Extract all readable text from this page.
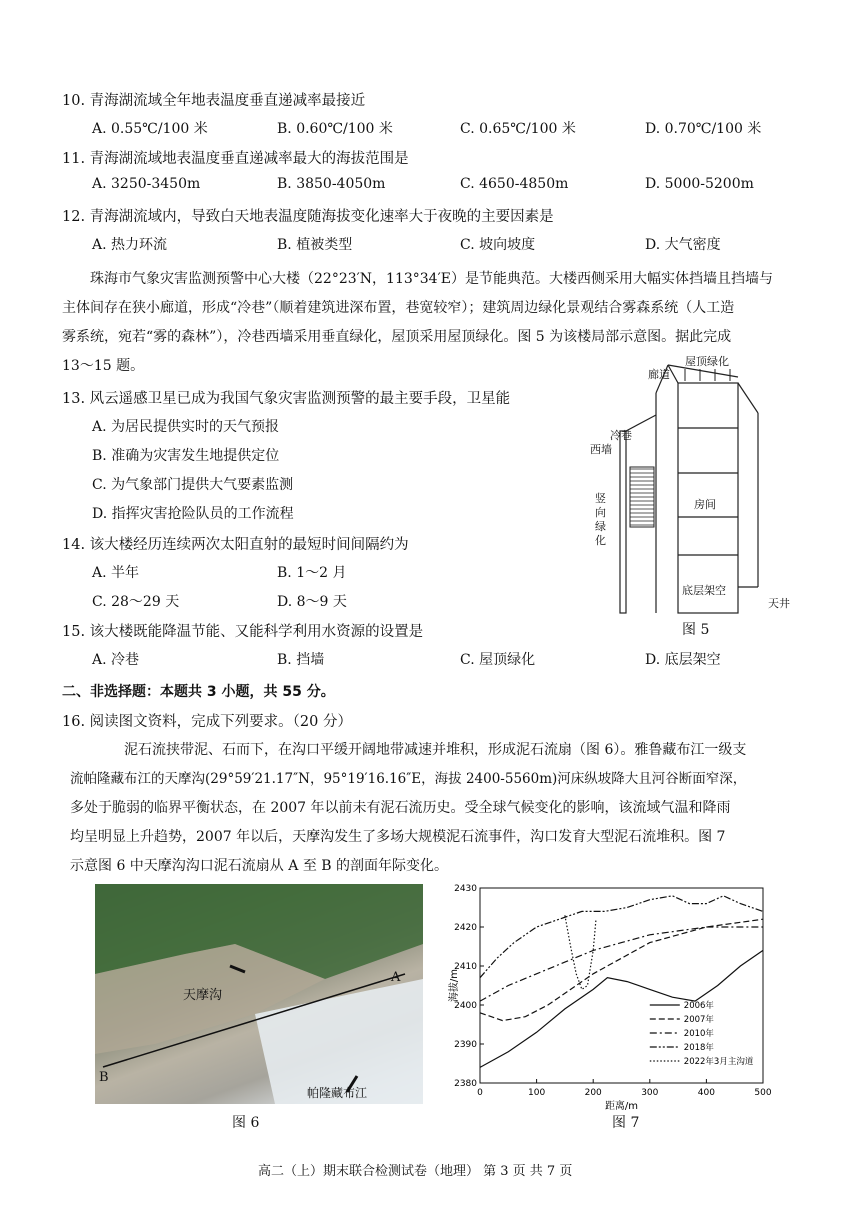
10. 青海湖流域全年地表温度垂直递减率最接近
A. 0.55℃/100 米	B. 0.60℃/100 米	C. 0.65℃/100 米	D. 0.70℃/100 米
11. 青海湖流域地表温度垂直递减率最大的海拔范围是
A. 3250-3450m	B. 3850-4050m	C. 4650-4850m	D. 5000-5200m
12. 青海湖流域内，导致白天地表温度随海拔变化速率大于夜晚的主要因素是
A. 热力环流	B. 植被类型	C. 坡向坡度	D. 大气密度
珠海市气象灾害监测预警中心大楼（22°23′N，113°34′E）是节能典范。大楼西侧采用大幅实体挡墙且挡墙与
主体间存在狭小廊道，形成“冷巷”（顺着建筑进深布置，巷宽较窄）；建筑周边绿化景观结合雾森系统（人工造
雾系统，宛若“雾的森林”），冷巷西墙采用垂直绿化，屋顶采用屋顶绿化。图 5 为该楼局部示意图。据此完成
13～15 题。
13. 风云遥感卫星已成为我国气象灾害监测预警的最主要手段，卫星能
A. 为居民提供实时的天气预报
B. 准确为灾害发生地提供定位
C. 为气象部门提供大气要素监测
D. 指挥灾害抢险队员的工作流程
14. 该大楼经历连续两次太阳直射的最短时间间隔约为
A. 半年	B. 1～2 月
C. 28～29 天	D. 8～9 天
15. 该大楼既能降温节能、又能科学利用水资源的设置是
A. 冷巷	B. 挡墙	C. 屋顶绿化	D. 底层架空
廊道
屋顶绿化
冷巷
西墙
竖
向
绿
化
房间
底层架空
天井
图 5
二、非选择题：本题共 3 小题，共 55 分。
16. 阅读图文资料，完成下列要求。（20 分）
泥石流挟带泥、石而下，在沟口平缓开阔地带减速并堆积，形成泥石流扇（图 6）。雅鲁藏布江一级支
流帕隆藏布江的天摩沟(29°59′21.17″N，95°19′16.16″E，海拔 2400-5560m)河床纵坡降大且河谷断面窄深，
多处于脆弱的临界平衡状态，在 2007 年以前未有泥石流历史。受全球气候变化的影响，该流域气温和降雨
均呈明显上升趋势，2007 年以后，天摩沟发生了多场大规模泥石流事件，沟口发育大型泥石流堆积。图 7
示意图 6 中天摩沟沟口泥石流扇从 A 至 B 的剖面年际变化。
天摩沟
帕隆藏布江
A
B
图 6
0	100	200	300	400	500
2380
2390
2400
2410
2420
2430
距离/m
海拔/m
2006年
2007年
2010年
2018年
2022年3月主沟道
图 7
高二（上）期末联合检测试卷（地理） 第 3 页 共 7 页
